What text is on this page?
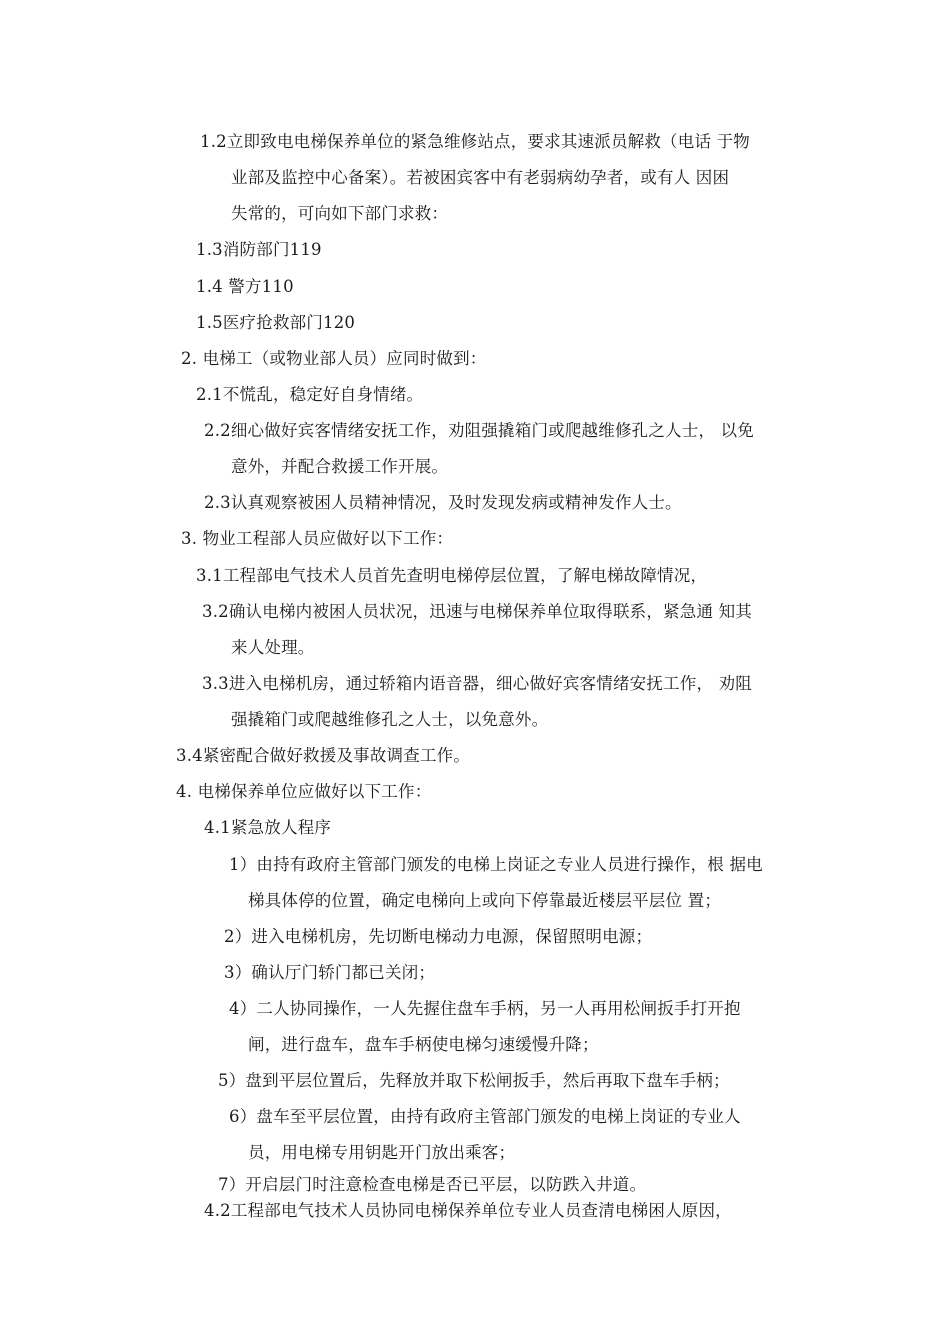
1.2立即致电电梯保养单位的紧急维修站点，要求其速派员解救（电话 于物
业部及监控中心备案）。若被困宾客中有老弱病幼孕者，或有人 因困
失常的，可向如下部门求救：
1.3消防部门119
1.4 警方110
1.5医疗抢救部门120
2. 电梯工（或物业部人员）应同时做到：
2.1不慌乱，稳定好自身情绪。
2.2细心做好宾客情绪安抚工作，劝阻强撬箱门或爬越维修孔之人士， 以免
意外，并配合救援工作开展。
2.3认真观察被困人员精神情况，及时发现发病或精神发作人士。
3. 物业工程部人员应做好以下工作：
3.1工程部电气技术人员首先查明电梯停层位置，了解电梯故障情况，
3.2确认电梯内被困人员状况，迅速与电梯保养单位取得联系，紧急通 知其
来人处理。
3.3进入电梯机房，通过轿箱内语音器，细心做好宾客情绪安抚工作， 劝阻
强撬箱门或爬越维修孔之人士，以免意外。
3.4紧密配合做好救援及事故调查工作。
4. 电梯保养单位应做好以下工作：
4.1紧急放人程序
1）由持有政府主管部门颁发的电梯上岗证之专业人员进行操作，根 据电
梯具体停的位置，确定电梯向上或向下停靠最近楼层平层位 置；
2）进入电梯机房，先切断电梯动力电源，保留照明电源；
3）确认厅门轿门都已关闭；
4）二人协同操作，一人先握住盘车手柄，另一人再用松闸扳手打开抱
闸，进行盘车，盘车手柄使电梯匀速缓慢升降；
5）盘到平层位置后，先释放并取下松闸扳手，然后再取下盘车手柄；
6）盘车至平层位置，由持有政府主管部门颁发的电梯上岗证的专业人
员，用电梯专用钥匙开门放出乘客；
7）开启层门时注意检查电梯是否已平层，以防跌入井道。
4.2工程部电气技术人员协同电梯保养单位专业人员查清电梯困人原因，
